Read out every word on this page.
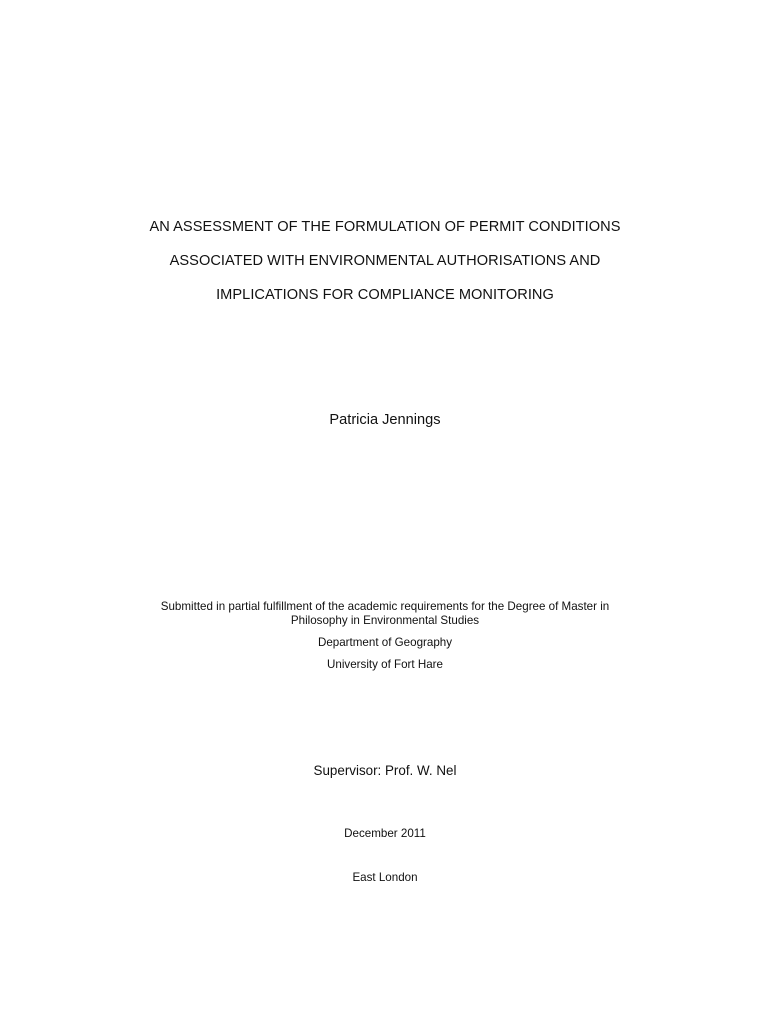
AN ASSESSMENT OF THE FORMULATION OF PERMIT CONDITIONS
ASSOCIATED WITH ENVIRONMENTAL AUTHORISATIONS AND
IMPLICATIONS FOR COMPLIANCE MONITORING
Patricia Jennings
Submitted in partial fulfillment of the academic requirements for the Degree of Master in
Philosophy in Environmental Studies
Department of Geography
University of Fort Hare
Supervisor: Prof. W. Nel
December 2011
East London
